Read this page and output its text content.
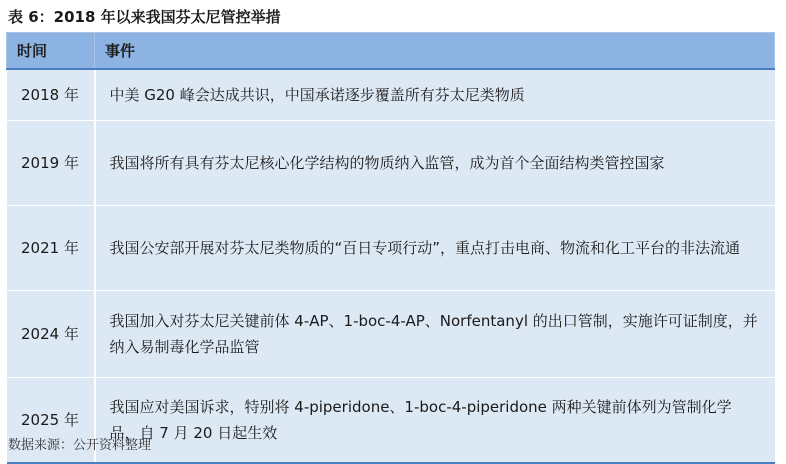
表 6：2018 年以来我国芬太尼管控举措
时间	事件
2018 年	中美 G20 峰会达成共识，中国承诺逐步覆盖所有芬太尼类物质
2019 年	我国将所有具有芬太尼核心化学结构的物质纳入监管，成为首个全面结构类管控国家
2021 年	我国公安部开展对芬太尼类物质的“百日专项行动”，重点打击电商、物流和化工平台的非法流通
2024 年	我国加入对芬太尼关键前体 4-AP、1-boc-4-AP、Norfentanyl 的出口管制，实施许可证制度，并纳入易制毒化学品监管
2025 年	我国应对美国诉求，特别将 4-piperidone、1-boc-4-piperidone 两种关键前体列为管制化学品，自 7 月 20 日起生效
数据来源：公开资料整理
